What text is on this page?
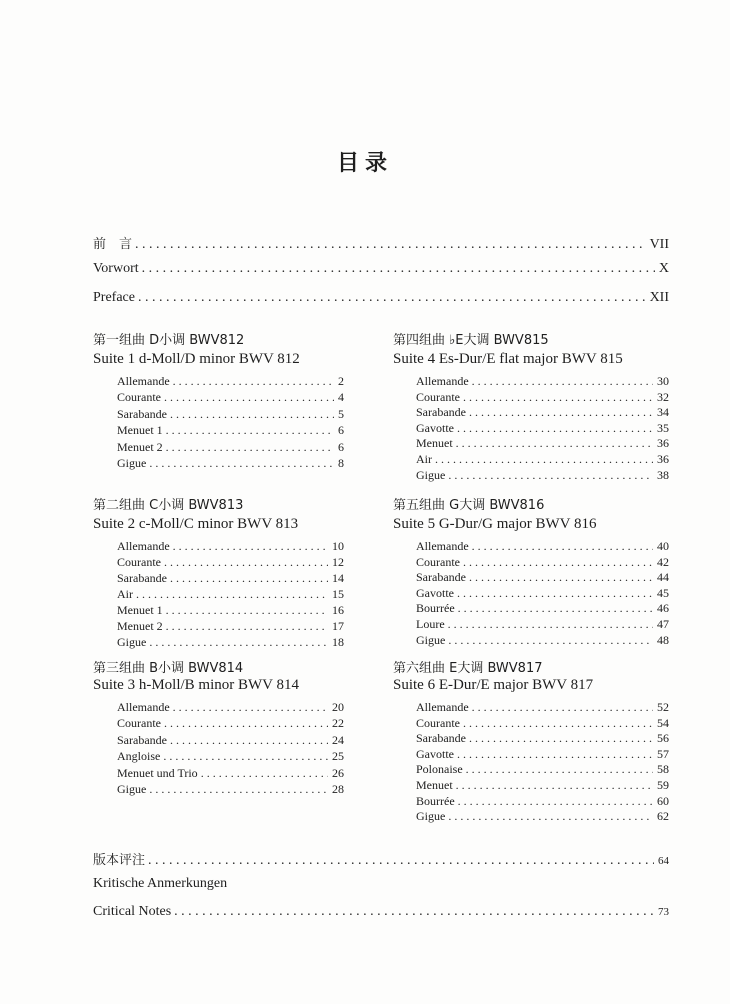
目录
前　言 . . .	VII
Vorwort . . .	X
Preface . . .	XII
第一组曲 D小调 BWV812
Suite 1 d-Moll/D minor BWV 812
Allemande . . .	2
Courante . . .	4
Sarabande . . .	5
Menuet 1 . . .	6
Menuet 2 . . .	6
Gigue . . .	8
第二组曲 C小调 BWV813
Suite 2 c-Moll/C minor BWV 813
Allemande . . .	10
Courante . . .	12
Sarabande . . .	14
Air . . .	15
Menuet 1 . . .	16
Menuet 2 . . .	17
Gigue . . .	18
第三组曲 B小调 BWV814
Suite 3 h-Moll/B minor BWV 814
Allemande . . .	20
Courante . . .	22
Sarabande . . .	24
Angloise . . .	25
Menuet und Trio . . .	26
Gigue . . .	28
第四组曲 ♭E大调 BWV815
Suite 4 Es-Dur/E flat major BWV 815
Allemande . . .	30
Courante . . .	32
Sarabande . . .	34
Gavotte . . .	35
Menuet . . .	36
Air . . .	36
Gigue . . .	38
第五组曲 G大调 BWV816
Suite 5 G-Dur/G major BWV 816
Allemande . . .	40
Courante . . .	42
Sarabande . . .	44
Gavotte . . .	45
Bourrée . . .	46
Loure . . .	47
Gigue . . .	48
第六组曲 E大调 BWV817
Suite 6 E-Dur/E major BWV 817
Allemande . . .	52
Courante . . .	54
Sarabande . . .	56
Gavotte . . .	57
Polonaise . . .	58
Menuet . . .	59
Bourrée . . .	60
Gigue . . .	62
版本评注 . . .	64
Kritische Anmerkungen
Critical Notes . . .	73
